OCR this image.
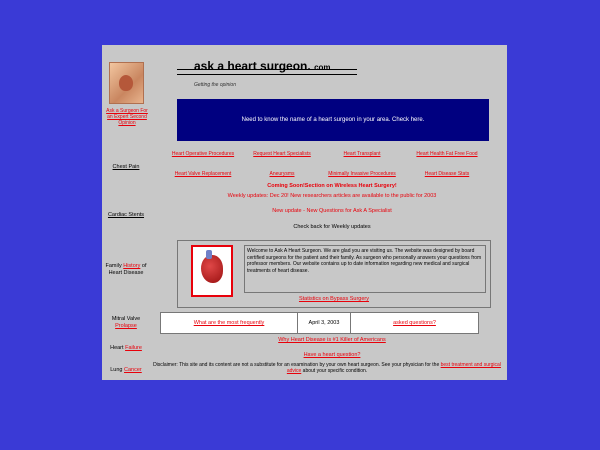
Ask a Surgeon For an Expert Second Opinion
Chest Pain
Cardiac Stents
Family History of Heart Disease
Mitral Valve Prolapse
Heart Failure
Lung Cancer
ask a heart surgeon. com
Getting the opinion
Need to know the name of a heart surgeon in your area. Check here.
Heart Operative Procedures	Request Heart Specialists	Heart Transplant	Heart Health Fat Free Food
Heart Valve Replacement	Aneurysms	Minimally Invasive Procedures	Heart Disease Stats
Coming Soon!Section on Wireless Heart Surgery!
Weekly updates: Dec 20! New researchers articles are available to the public for 2003
New update - New Questions for Ask A Specialist
Check back for Weekly updates
Welcome to Ask A Heart Surgeon. We are glad you are visiting us. The website was designed by board certified surgeons for the patient and their family. As surgeon who personally answers your questions from professor members. Our website contains up to date information regarding new medical and surgical treatments of heart disease.
Statistics on Bypass Surgery
What are the most frequently	April 3, 2003	asked questions?
Why Heart Disease is #1 Killer of Americans
Have a heart question?
Disclaimer: This site and its content are not a substitute for an examination by your own heart surgeon. See your physician for the best treatment and surgical advice about your specific condition.
